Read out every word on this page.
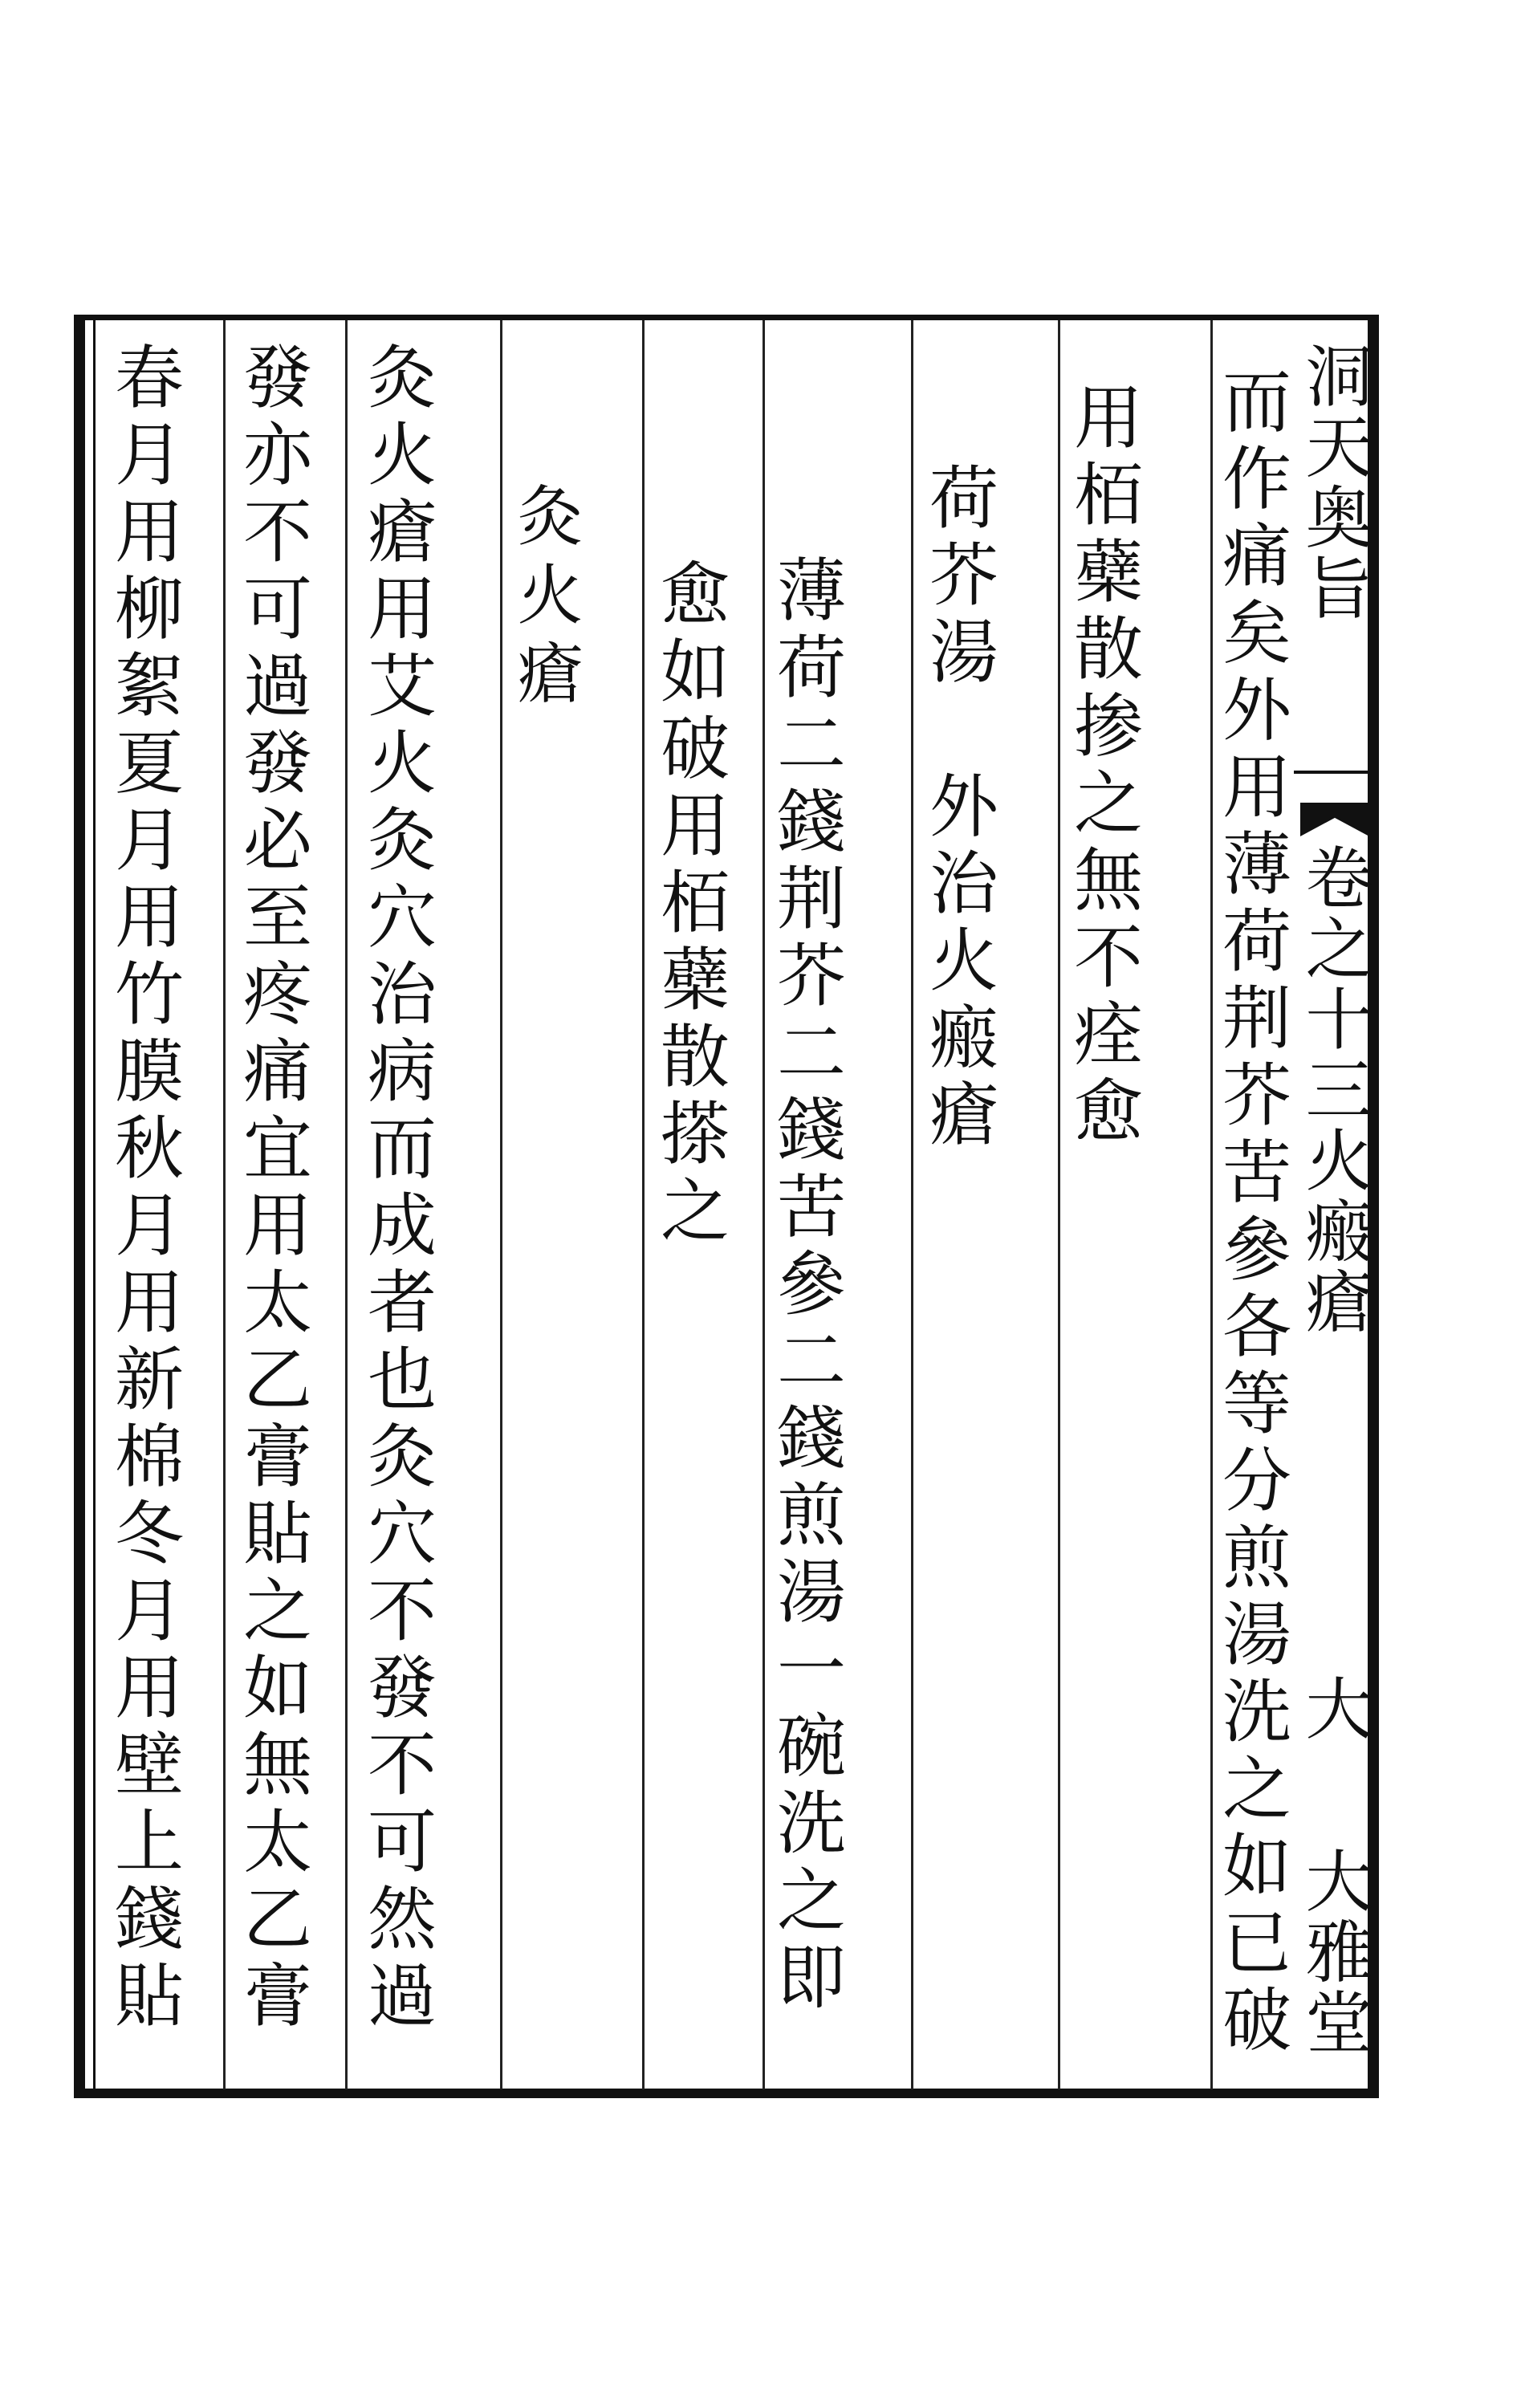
而作痛矣外用薄荷荆芥苦參各等分煎湯洗之如已破
用栢蘗散掺之無不痊愈
荷芥湯　外治火瘢瘡
薄荷二錢荆芥二錢苦參二錢煎湯一碗洗之即
愈如破用栢蘗散搽之
灸火瘡
灸火瘡用艾火灸穴治病而成者也灸穴不發不可然過
發亦不可過發必至疼痛宜用太乙膏貼之如無太乙膏
春月用柳絮夏月用竹膜秋月用新棉冬月用壁上錢貼	洞天奥旨
卷之十三火瘢瘡
大
大雅堂
